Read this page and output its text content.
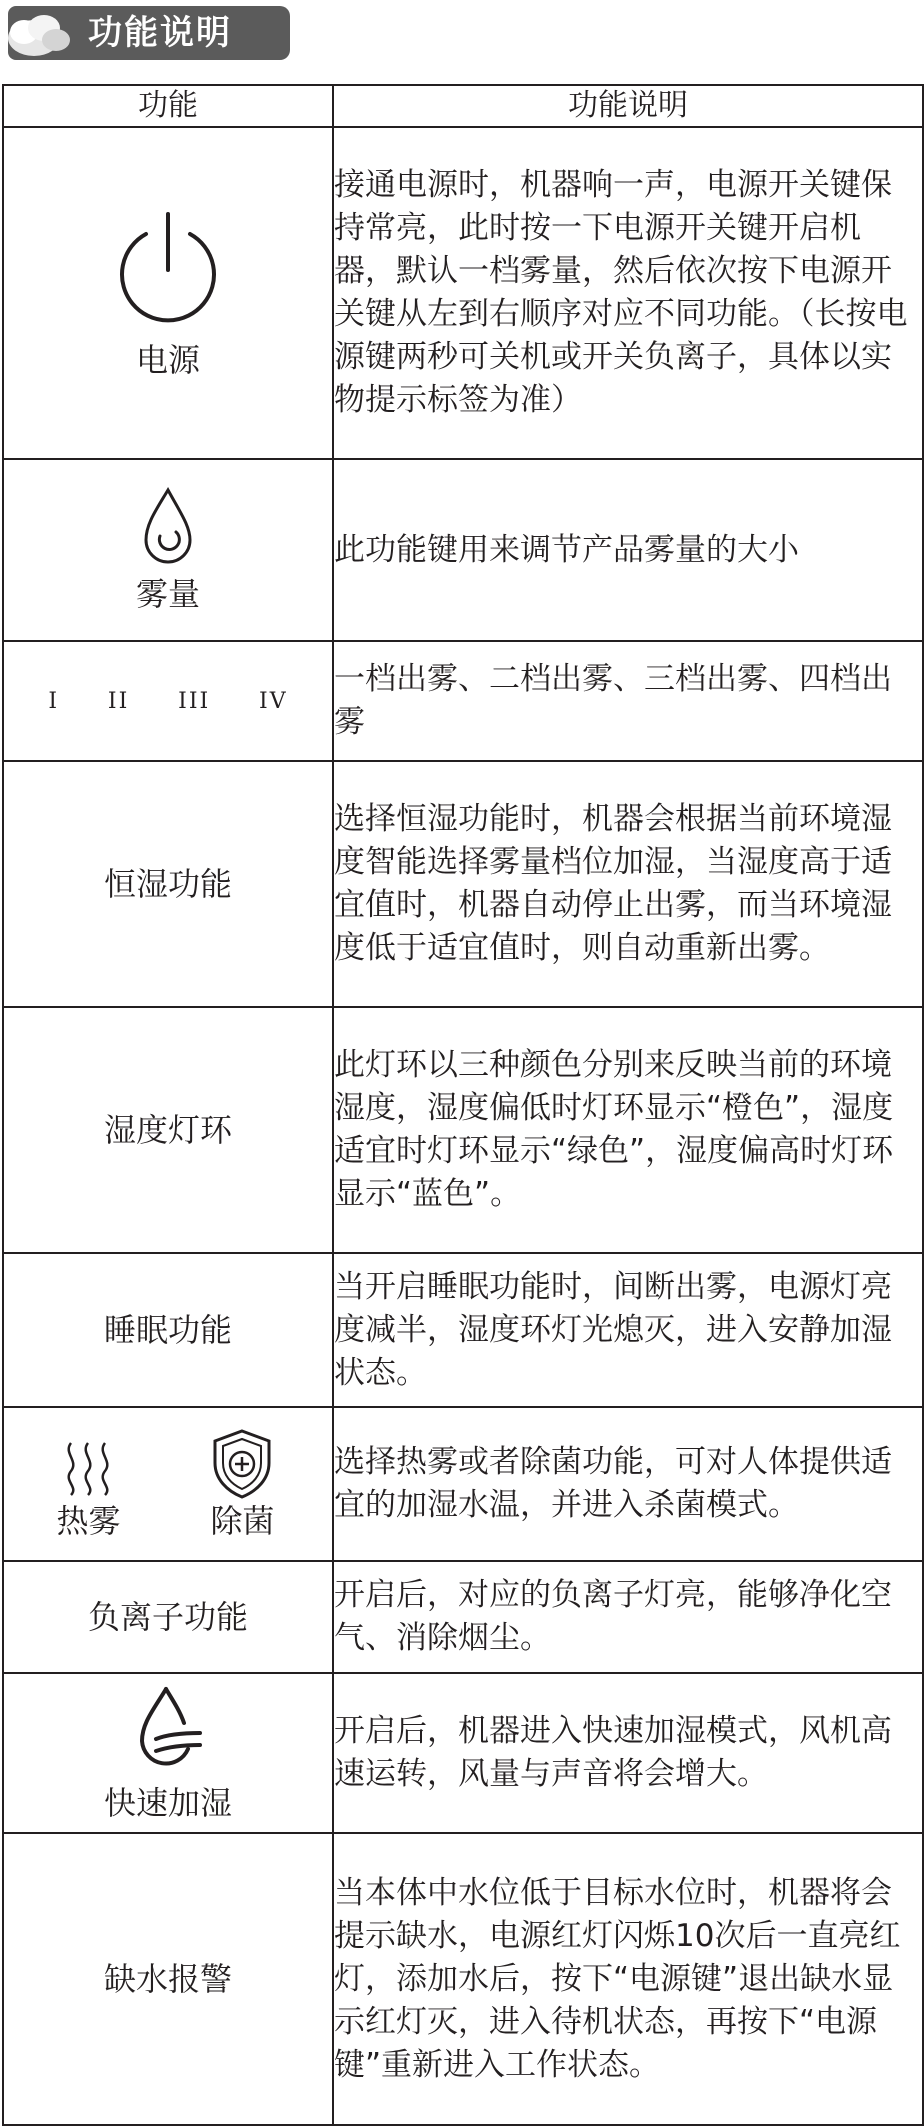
功能说明
功能	功能说明

电源	接通电源时，机器响一声，电源开关键保持常亮，此时按一下电源开关键开启机器，默认一档雾量，然后依次按下电源开关键从左到右顺序对应不同功能。（长按电源键两秒可关机或开关负离子，具体以实物提示标签为准）

雾量	此功能键用来调节产品雾量的大小

I II III IV	一档出雾、二档出雾、三档出雾、四档出雾

恒湿功能	选择恒湿功能时，机器会根据当前环境湿度智能选择雾量档位加湿，当湿度高于适宜值时，机器自动停止出雾，而当环境湿度低于适宜值时，则自动重新出雾。

湿度灯环	此灯环以三种颜色分别来反映当前的环境湿度，湿度偏低时灯环显示“橙色”，湿度适宜时灯环显示“绿色”，湿度偏高时灯环显示“蓝色”。

睡眠功能	当开启睡眠功能时，间断出雾，电源灯亮度减半，湿度环灯光熄灭，进入安静加湿状态。

热雾 除菌	选择热雾或者除菌功能，可对人体提供适宜的加湿水温，并进入杀菌模式。

负离子功能	开启后，对应的负离子灯亮，能够净化空气、消除烟尘。

快速加湿	开启后，机器进入快速加湿模式，风机高速运转，风量与声音将会增大。

缺水报警	当本体中水位低于目标水位时，机器将会提示缺水，电源红灯闪烁10次后一直亮红灯，添加水后，按下“电源键”退出缺水显示红灯灭，进入待机状态，再按下“电源键”重新进入工作状态。
